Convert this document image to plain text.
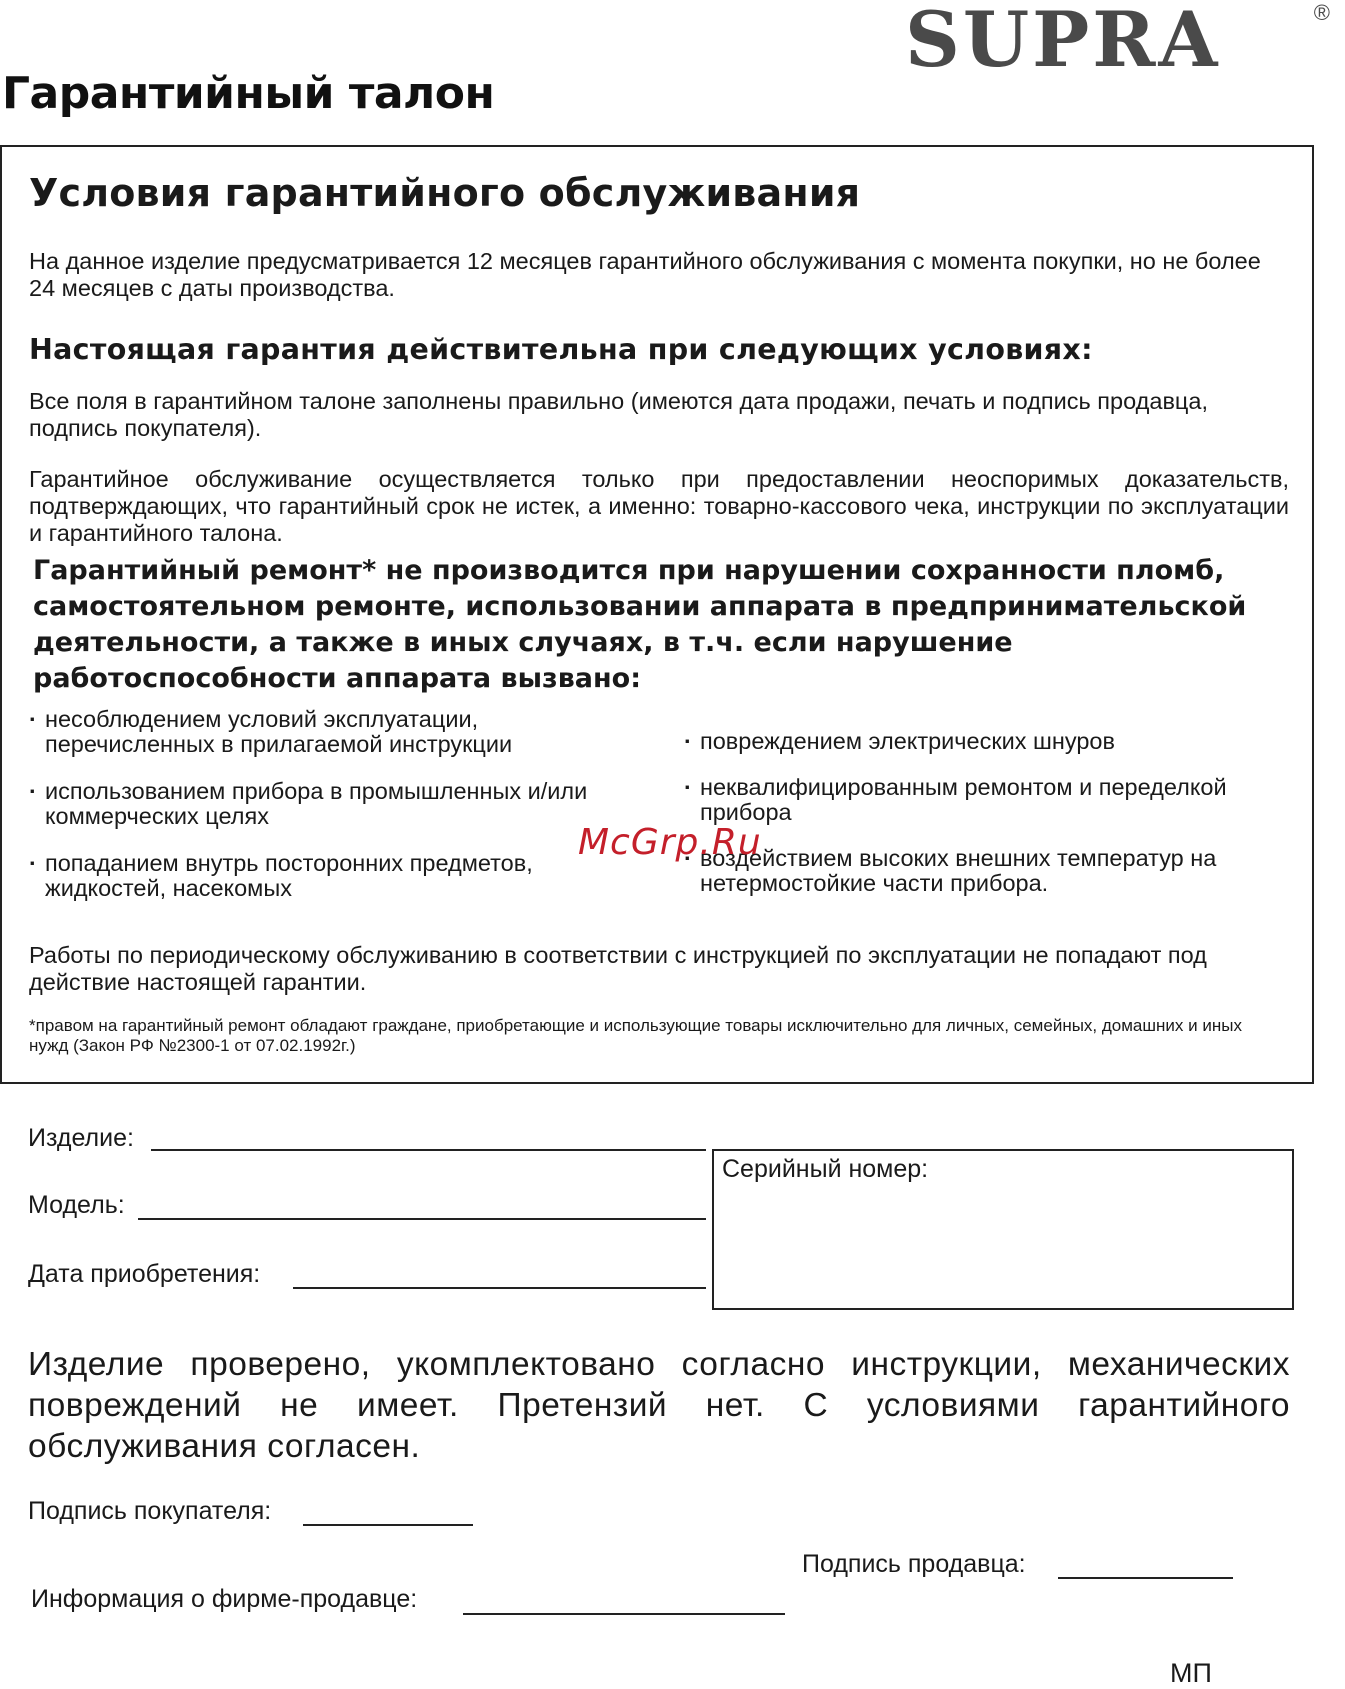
SUPRA	®
Гарантийный талон
Условия гарантийного обслуживания

На данное изделие предусматривается 12 месяцев гарантийного обслуживания с момента покупки, но не более 24 месяцев с даты производства.

Настоящая гарантия действительна при следующих условиях:

Все поля в гарантийном талоне заполнены правильно (имеются дата продажи, печать и подпись продавца, подпись покупателя).

Гарантийное обслуживание осуществляется только при предоставлении неоспоримых доказательств, подтверждающих, что гарантийный срок не истек, а именно: товарно-кассового чека, инструкции по эксплуатации и гарантийного талона.

Гарантийный ремонт* не производится при нарушении сохранности пломб, самостоятельном ремонте, использовании аппарата в предпринимательской деятельности, а также в иных случаях, в т.ч. если нарушение работоспособности аппарата вызвано:
· несоблюдением условий эксплуатации, перечисленных в прилагаемой инструкции
· использованием прибора в промышленных и/или коммерческих целях
· попаданием внутрь посторонних предметов, жидкостей, насекомых
· повреждением электрических шнуров
· неквалифицированным ремонтом и переделкой прибора
· воздействием высоких внешних температур на нетермостойкие части прибора.

Работы по периодическому обслуживанию в соответствии с инструкцией по эксплуатации не попадают под действие настоящей гарантии.

*правом на гарантийный ремонт обладают граждане, приобретающие и использующие товары исключительно для личных, семейных, домашних и иных нужд (Закон РФ №2300-1 от 07.02.1992г.)

McGrp.Ru
Изделие:
Модель:
Дата приобретения:
Серийный номер:

Изделие проверено, укомплектовано согласно инструкции, механических повреждений не имеет. Претензий нет. С условиями гарантийного обслуживания согласен.

Подпись покупателя:
Подпись продавца:
Информация о фирме-продавце:
МП
